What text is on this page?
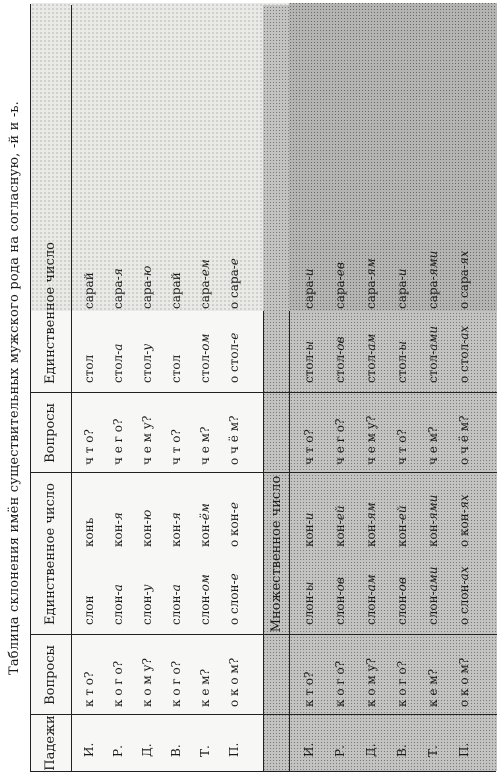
Таблица склонения имён существительных мужского рода на согласную, -й и -ь.
Падежи
Вопросы
Единственное число
Вопросы
Единственное число
Множественное число
И.
к т о?
слон
конь
ч т о?
стол
сарай
Р.
к о г о?
слон-а
кон-я
ч е г о?
стол-а
сара-я
Д.
к о м у?
слон-у
кон-ю
ч е м у?
стол-у
сара-ю
В.
к о г о?
слон-а
кон-я
ч т о?
стол
сарай
Т.
к е м?
слон-ом
кон-ём
ч е м?
стол-ом
сара-ем
П.
о к о м?
о слон-е
о кон-е
о ч ё м?
о стол-е
о сара-е
И.
к т о?
слон-ы
кон-и
ч т о?
стол-ы
сара-и
Р.
к о г о?
слон-ов
кон-ей
ч е г о?
стол-ов
сара-ев
Д.
к о м у?
слон-ам
кон-ям
ч е м у?
стол-ам
сара-ям
В.
к о г о?
слон-ов
кон-ей
ч т о?
стол-ы
сара-и
Т.
к е м?
слон-ами
кон-ями
ч е м?
стол-ами
сара-ями
П.
о к о м?
о слон-ах
о кон-ях
о ч ё м?
о стол-ах
о сара-ях
